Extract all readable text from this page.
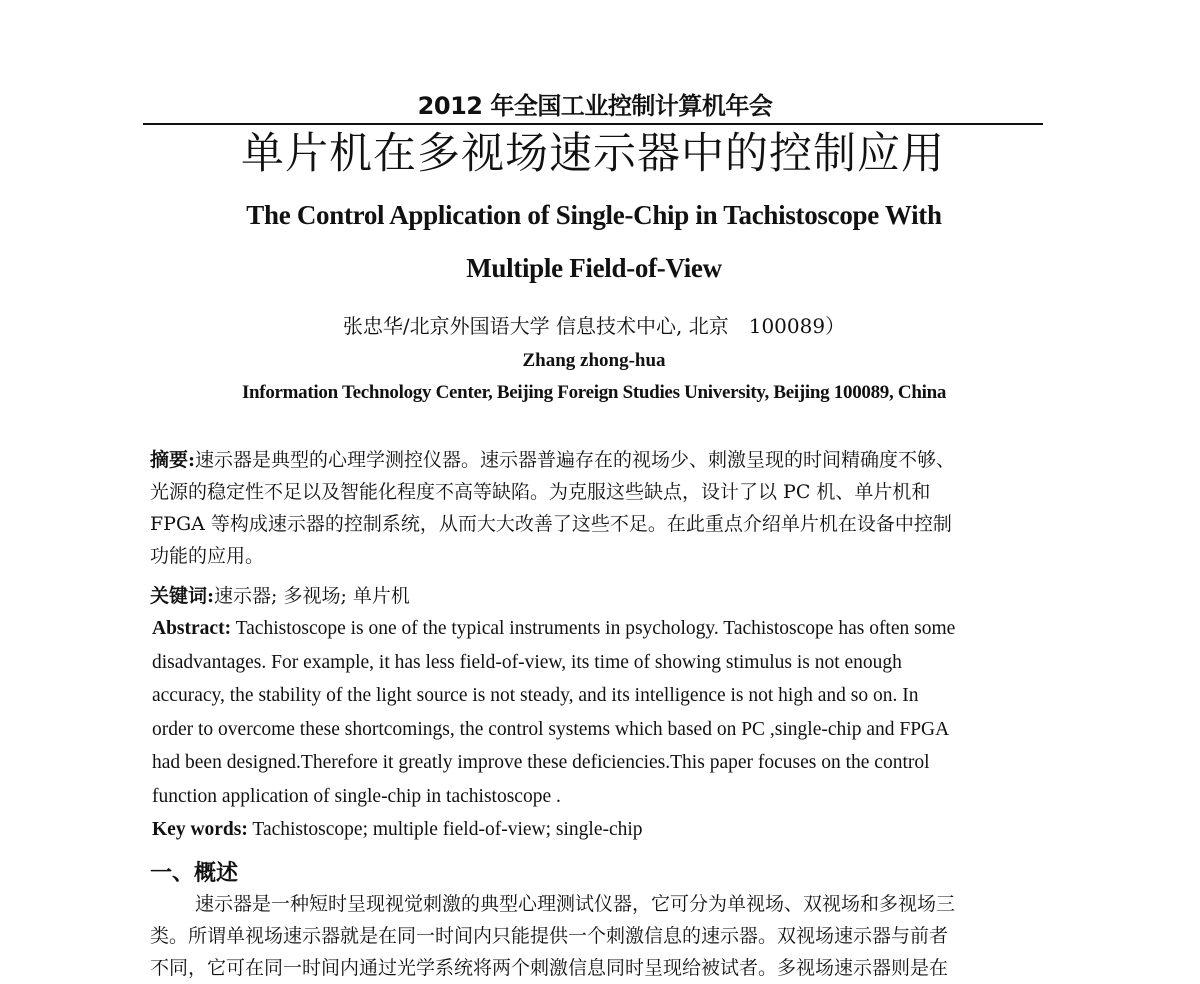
2012 年全国工业控制计算机年会
单片机在多视场速示器中的控制应用
The Control Application of Single-Chip in Tachistoscope With
Multiple Field-of-View
张忠华/北京外国语大学 信息技术中心, 北京　100089）
Zhang zhong-hua
Information Technology Center, Beijing Foreign Studies University, Beijing 100089, China
摘要:速示器是典型的心理学测控仪器。速示器普遍存在的视场少、刺激呈现的时间精确度不够、
光源的稳定性不足以及智能化程度不高等缺陷。为克服这些缺点，设计了以 PC 机、单片机和
FPGA 等构成速示器的控制系统，从而大大改善了这些不足。在此重点介绍单片机在设备中控制
功能的应用。
关键词:速示器; 多视场; 单片机
Abstract: Tachistoscope is one of the typical instruments in psychology. Tachistoscope has often some
disadvantages. For example, it has less field-of-view, its time of showing stimulus is not enough
accuracy, the stability of the light source is not steady, and its intelligence is not high and so on. In
order to overcome these shortcomings, the control systems which based on PC ,single-chip and FPGA
had been designed.Therefore it greatly improve these deficiencies.This paper focuses on the control
function application of single-chip in tachistoscope .
Key words: Tachistoscope; multiple field-of-view; single-chip
一、概述
速示器是一种短时呈现视觉刺激的典型心理测试仪器，它可分为单视场、双视场和多视场三
类。所谓单视场速示器就是在同一时间内只能提供一个刺激信息的速示器。双视场速示器与前者
不同，它可在同一时间内通过光学系统将两个刺激信息同时呈现给被试者。多视场速示器则是在
